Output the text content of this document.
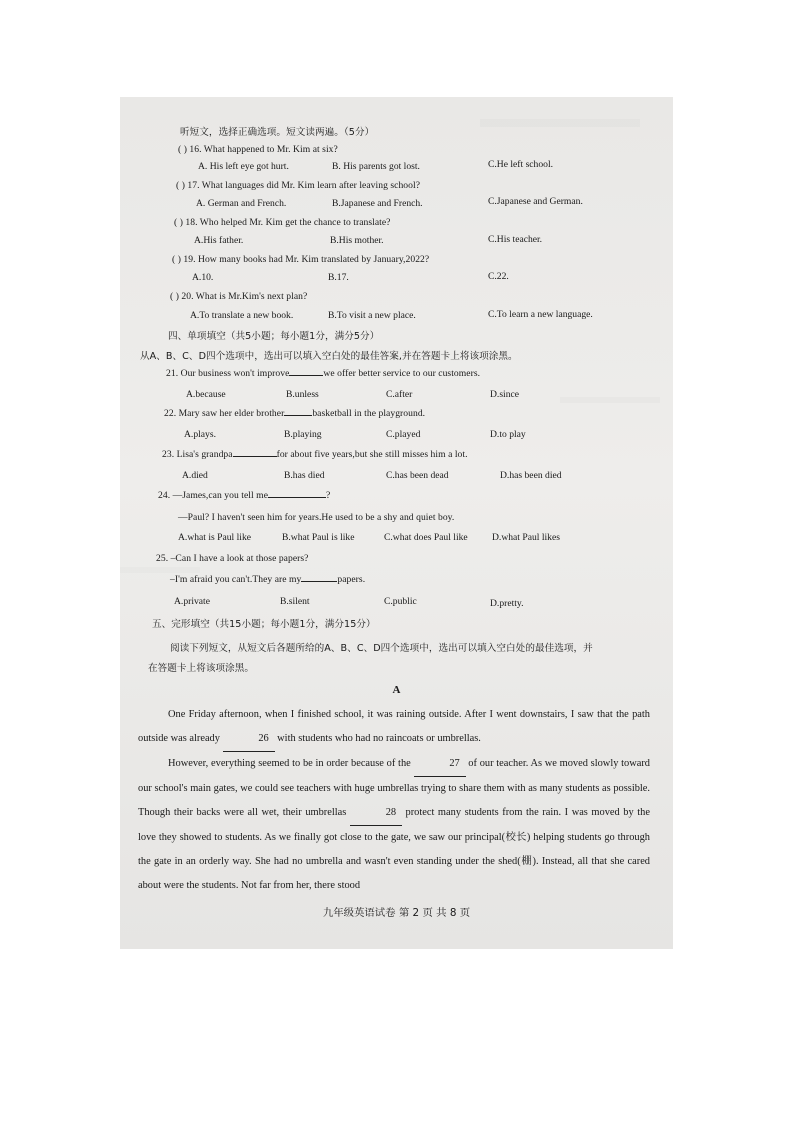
听短文，选择正确选项。短文读两遍。（5分）
( ) 16. What happened to Mr. Kim at six?
A. His left eye got hurt.	B. His parents got lost.	C.He left school.
( ) 17. What languages did Mr. Kim learn after leaving school?
A. German and French.	B.Japanese and French.	C.Japanese and German.
( ) 18. Who helped Mr. Kim get the chance to translate?
A.His father.	B.His mother.	C.His teacher.
( ) 19. How many books had Mr. Kim translated by January,2022?
A.10.	B.17.	C.22.
( ) 20. What is Mr.Kim's next plan?
A.To translate a new book.	B.To visit a new place.	C.To learn a new language.
四、单项填空（共5小题；每小题1分，满分5分）
从A、B、C、D四个选项中，选出可以填入空白处的最佳答案,并在答题卡上将该项涂黑。
21. Our business won't improve	we offer better service to our customers.
A.because	B.unless	C.after	D.since
22. Mary saw her elder brother	basketball in the playground.
A.plays.	B.playing	C.played	D.to play
23. Lisa's grandpa	for about five years,but she still misses him a lot.
A.died	B.has died	C.has been dead	D.has been died
24. —James,can you tell me	?
—Paul? I haven't seen him for years.He used to be a shy and quiet boy.
A.what is Paul like	B.what Paul is like	C.what does Paul like	D.what Paul likes
25. –Can I have a look at those papers?
–I'm afraid you can't.They are my	papers.
A.private	B.silent	C.public	D.pretty.
五、完形填空（共15小题；每小题1分，满分15分）
阅读下列短文，从短文后各题所给的A、B、C、D四个选项中，选出可以填入空白处的最佳选项，并
在答题卡上将该项涂黑。
A

One Friday afternoon, when I finished school, it was raining outside. After I went downstairs, I saw that the path outside was already	26 with students who had no raincoats or umbrellas.

However, everything seemed to be in order because of the	27 of our teacher. As we moved slowly toward our school's main gates, we could see teachers with huge umbrellas trying to share them with as many students as possible. Though their backs were all wet, their umbrellas	28 protect many students from the rain. I was moved by the love they showed to students. As we finally got close to the gate, we saw our principal(校长) helping students go through the gate in an orderly way. She had no umbrella and wasn't even standing under the shed(棚). Instead, all that she cared about were the students. Not far from her, there stood

九年级英语试卷 第 2 页 共 8 页
